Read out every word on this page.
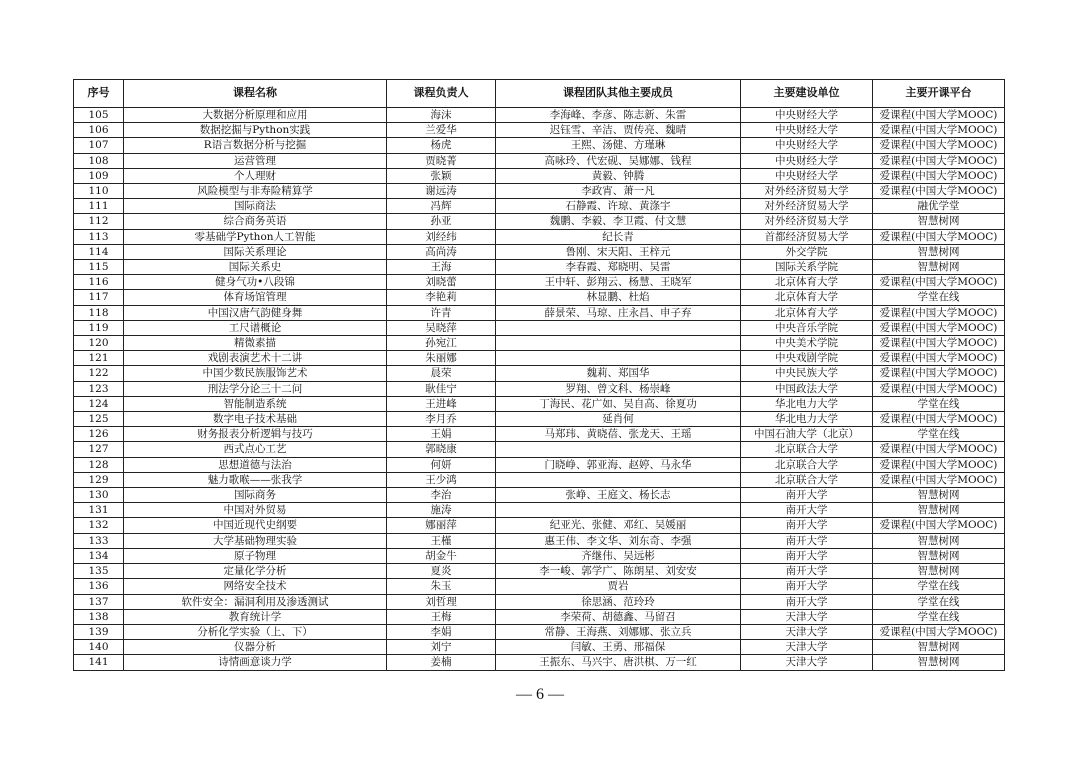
序号	课程名称	课程负责人	课程团队其他主要成员	主要建设单位	主要开课平台
105	大数据分析原理和应用	海沫	李海峰、李彦、陈志新、朱雷	中央财经大学	爱课程(中国大学MOOC)
106	数据挖掘与Python实践	兰爱华	迟钰雪、辛洁、贾传亮、魏晴	中央财经大学	爱课程(中国大学MOOC)
107	R语言数据分析与挖掘	杨虎	王熙、汤健、方瑾琳	中央财经大学	爱课程(中国大学MOOC)
108	运营管理	贾晓菁	高咏玲、代宏砚、吴娜娜、钱程	中央财经大学	爱课程(中国大学MOOC)
109	个人理财	张颖	黄毅、钟腾	中央财经大学	爱课程(中国大学MOOC)
110	风险模型与非寿险精算学	谢远涛	李政宵、萧一凡	对外经济贸易大学	爱课程(中国大学MOOC)
111	国际商法	冯辉	石静霞、许琼、黄涤宇	对外经济贸易大学	融优学堂
112	综合商务英语	孙亚	魏鹏、李毅、李卫霞、付文慧	对外经济贸易大学	智慧树网
113	零基础学Python人工智能	刘经纬	纪长青	首都经济贸易大学	爱课程(中国大学MOOC)
114	国际关系理论	高尚涛	鲁刚、宋天阳、王梓元	外交学院	智慧树网
115	国际关系史	王海	李春霞、郑晓明、吴雷	国际关系学院	智慧树网
116	健身气功•八段锦	刘晓蕾	王中轩、彭翔云、杨慧、王晓军	北京体育大学	爱课程(中国大学MOOC)
117	体育场馆管理	李艳莉	林显鹏、杜焰	北京体育大学	学堂在线
118	中国汉唐气韵健身舞	许青	薛景荣、马琼、庄永昌、申子弃	北京体育大学	爱课程(中国大学MOOC)
119	工尺谱概论	吴晓萍		中央音乐学院	爱课程(中国大学MOOC)
120	精微素描	孙宛江		中央美术学院	爱课程(中国大学MOOC)
121	戏剧表演艺术十二讲	朱丽娜		中央戏剧学院	爱课程(中国大学MOOC)
122	中国少数民族服饰艺术	晨荣	魏莉、郑国华	中央民族大学	爱课程(中国大学MOOC)
123	刑法学分论三十二问	耿佳宁	罗翔、曾文科、杨崇峰	中国政法大学	爱课程(中国大学MOOC)
124	智能制造系统	王进峰	丁海民、花广如、吴自高、徐夏功	华北电力大学	学堂在线
125	数字电子技术基础	李月乔	延肖何	华北电力大学	爱课程(中国大学MOOC)
126	财务报表分析逻辑与技巧	王娟	马郑玮、黄晓蓓、张龙天、王瑶	中国石油大学（北京）	学堂在线
127	西式点心工艺	郭晓康		北京联合大学	爱课程(中国大学MOOC)
128	思想道德与法治	何妍	门晓峥、郭亚海、赵婷、马永华	北京联合大学	爱课程(中国大学MOOC)
129	魅力歌喉——张我学	王少鸿		北京联合大学	爱课程(中国大学MOOC)
130	国际商务	李治	张峥、王庭文、杨长志	南开大学	智慧树网
131	中国对外贸易	施涛		南开大学	智慧树网
132	中国近现代史纲要	娜丽萍	纪亚光、张健、邓红、吴媛丽	南开大学	爱课程(中国大学MOOC)
133	大学基础物理实验	王槿	惠王伟、李文华、刘东奇、李强	南开大学	智慧树网
134	原子物理	胡金牛	齐继伟、吴远彬	南开大学	智慧树网
135	定量化学分析	夏炎	李一峻、郭学广、陈朗星、刘安安	南开大学	智慧树网
136	网络安全技术	朱玉	贾岩	南开大学	学堂在线
137	软件安全：漏洞利用及渗透测试	刘哲理	徐思涵、范玲玲	南开大学	学堂在线
138	教育统计学	王梅	李荣荷、胡德鑫、马留召	天津大学	学堂在线
139	分析化学实验（上、下）	李娟	常静、王海燕、刘娜娜、张立兵	天津大学	爱课程(中国大学MOOC)
140	仪器分析	刘宁	闫敏、王勇、邢福保	天津大学	智慧树网
141	诗情画意谈力学	姜楠	王振东、马兴宇、唐洪棋、万一红	天津大学	智慧树网
— 6 —
